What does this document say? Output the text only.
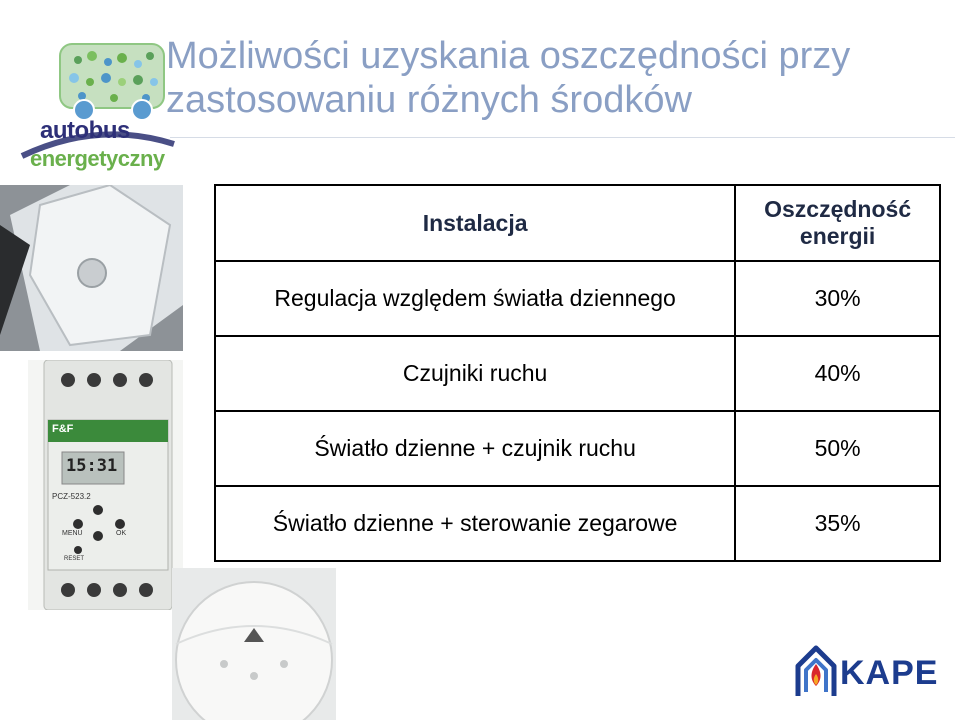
autobus
energetyczny
Możliwości uzyskania oszczędności przy zastosowaniu różnych środków
F&F
15:31
PCZ-523.2
MENU	OK
RESET
Instalacja	Oszczędność energii
Regulacja względem światła dziennego	30%
Czujniki ruchu	40%
Światło dzienne + czujnik ruchu	50%
Światło dzienne + sterowanie zegarowe	35%
KAPE
